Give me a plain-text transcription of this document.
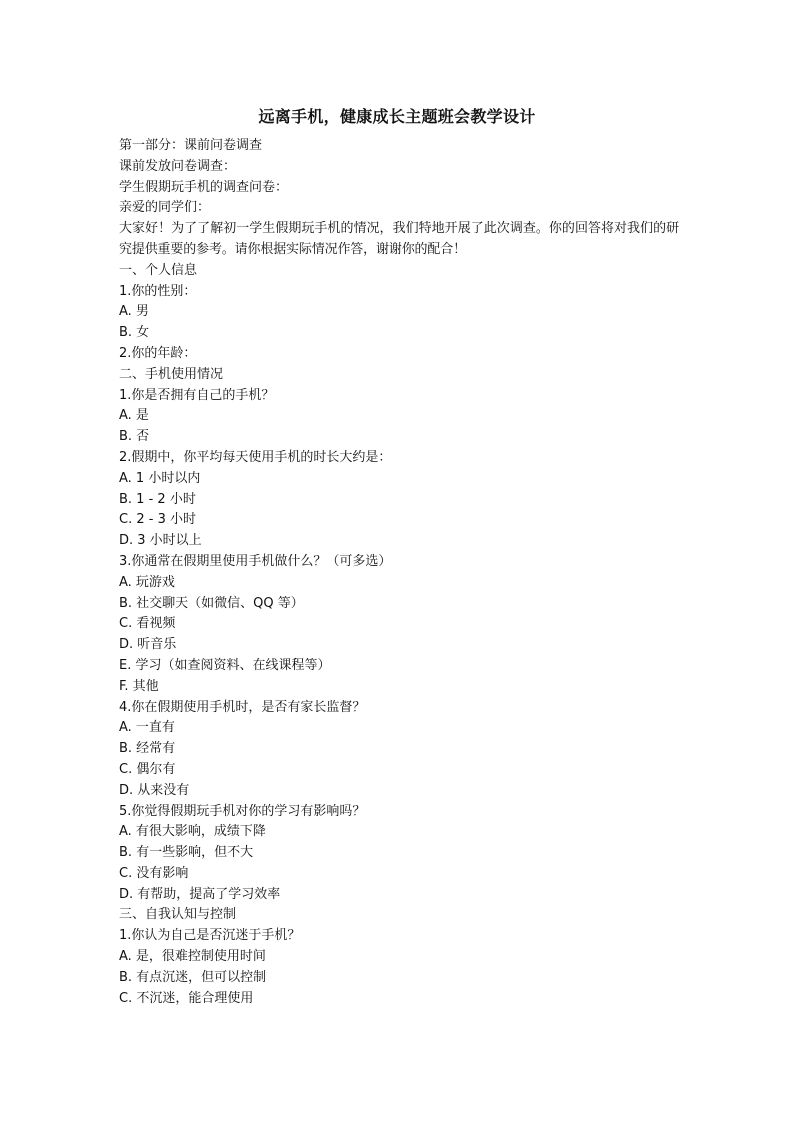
远离手机，健康成长主题班会教学设计
第一部分：课前问卷调查
课前发放问卷调查：
学生假期玩手机的调查问卷：
亲爱的同学们：
大家好！为了了解初一学生假期玩手机的情况，我们特地开展了此次调查。你的回答将对我们的研究提供重要的参考。请你根据实际情况作答，谢谢你的配合！
一、个人信息
1.你的性别：
A. 男
B. 女
2.你的年龄：
二、手机使用情况
1.你是否拥有自己的手机？
A. 是
B. 否
2.假期中，你平均每天使用手机的时长大约是：
A. 1 小时以内
B. 1 - 2 小时
C. 2 - 3 小时
D. 3 小时以上
3.你通常在假期里使用手机做什么？（可多选）
A. 玩游戏
B. 社交聊天（如微信、QQ 等）
C. 看视频
D. 听音乐
E. 学习（如查阅资料、在线课程等）
F. 其他
4.你在假期使用手机时，是否有家长监督？
A. 一直有
B. 经常有
C. 偶尔有
D. 从来没有
5.你觉得假期玩手机对你的学习有影响吗？
A. 有很大影响，成绩下降
B. 有一些影响，但不大
C. 没有影响
D. 有帮助，提高了学习效率
三、自我认知与控制
1.你认为自己是否沉迷于手机？
A. 是，很难控制使用时间
B. 有点沉迷，但可以控制
C. 不沉迷，能合理使用
